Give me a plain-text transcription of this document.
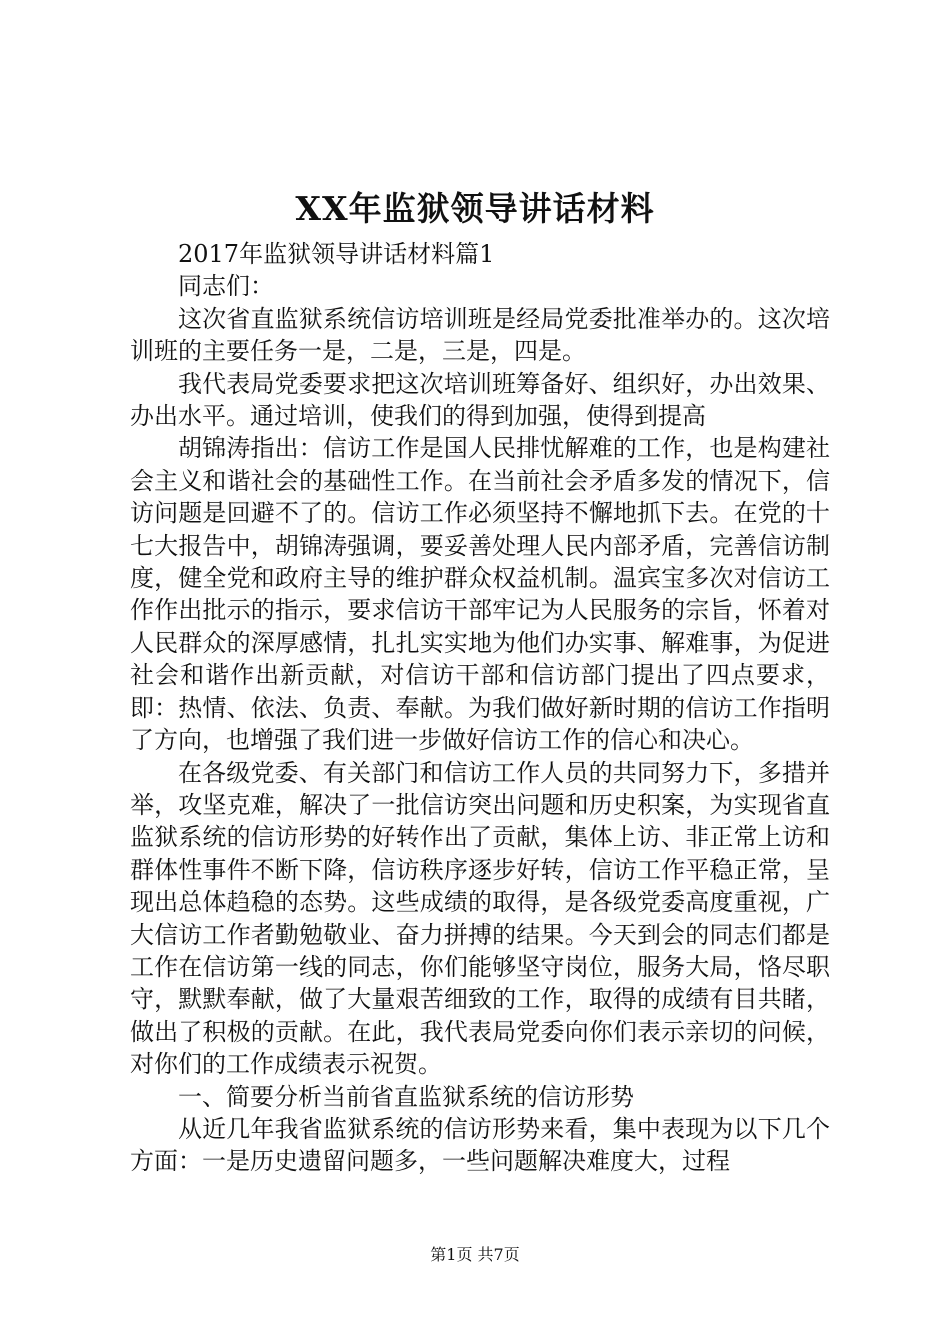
XX年监狱领导讲话材料

2017年监狱领导讲话材料篇1

同志们：

这次省直监狱系统信访培训班是经局党委批准举办的。这次培训班的主要任务一是，二是，三是，四是。

我代表局党委要求把这次培训班筹备好、组织好，办出效果、办出水平。通过培训，使我们的得到加强，使得到提高

胡锦涛指出：信访工作是国人民排忧解难的工作，也是构建社会主义和谐社会的基础性工作。在当前社会矛盾多发的情况下，信访问题是回避不了的。信访工作必须坚持不懈地抓下去。在党的十七大报告中，胡锦涛强调，要妥善处理人民内部矛盾，完善信访制度，健全党和政府主导的维护群众权益机制。温宾宝多次对信访工作作出批示的指示，要求信访干部牢记为人民服务的宗旨，怀着对人民群众的深厚感情，扎扎实实地为他们办实事、解难事，为促进社会和谐作出新贡献，对信访干部和信访部门提出了四点要求，即：热情、依法、负责、奉献。为我们做好新时期的信访工作指明了方向，也增强了我们进一步做好信访工作的信心和决心。

在各级党委、有关部门和信访工作人员的共同努力下，多措并举，攻坚克难，解决了一批信访突出问题和历史积案，为实现省直监狱系统的信访形势的好转作出了贡献，集体上访、非正常上访和群体性事件不断下降，信访秩序逐步好转，信访工作平稳正常，呈现出总体趋稳的态势。这些成绩的取得，是各级党委高度重视，广大信访工作者勤勉敬业、奋力拼搏的结果。今天到会的同志们都是工作在信访第一线的同志，你们能够坚守岗位，服务大局，恪尽职守，默默奉献，做了大量艰苦细致的工作，取得的成绩有目共睹，做出了积极的贡献。在此，我代表局党委向你们表示亲切的问候，对你们的工作成绩表示祝贺。

一、简要分析当前省直监狱系统的信访形势

从近几年我省监狱系统的信访形势来看，集中表现为以下几个方面：一是历史遗留问题多，一些问题解决难度大，过程

第1页 共7页
